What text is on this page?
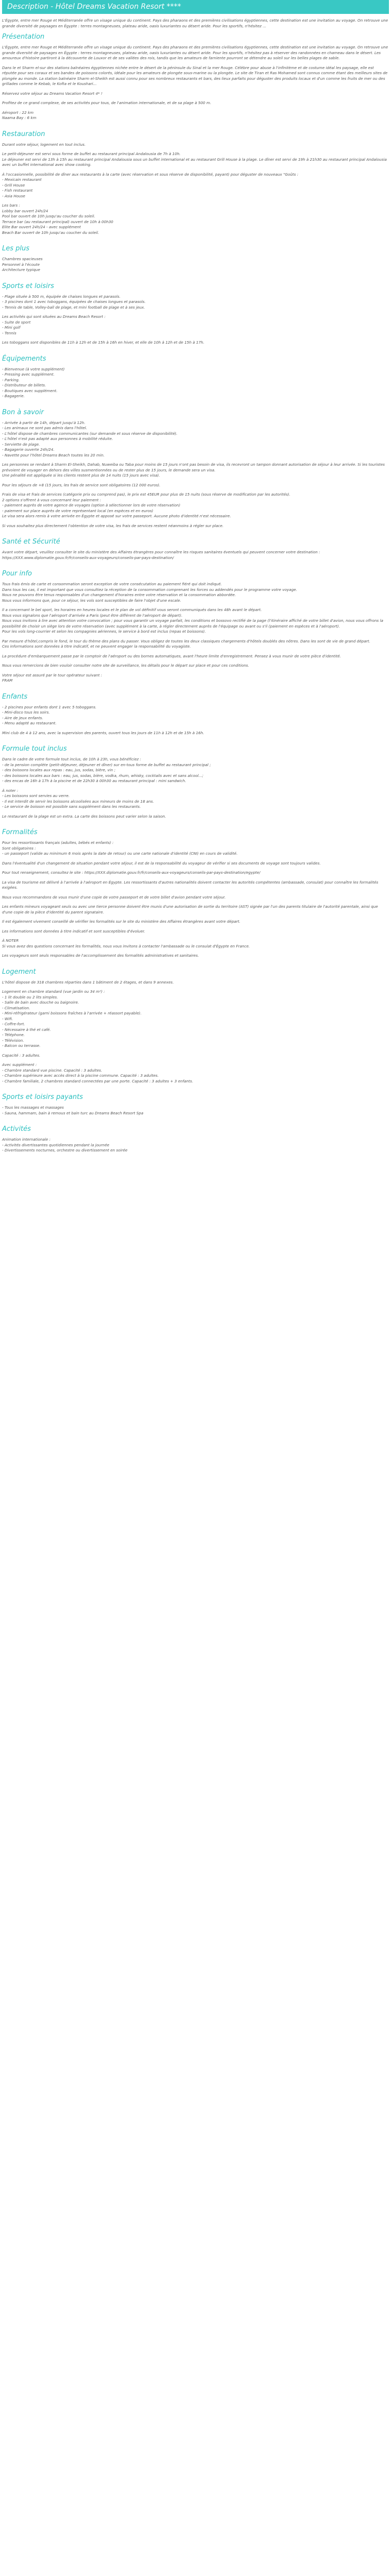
Description - Hôtel Dreams Vacation Resort ****

L'Égypte, entre mer Rouge et Méditerranée offre un visage unique du continent. Pays des pharaons et des premières civilisations égyptiennes, cette destination est une invitation au voyage. On retrouve une grande diversité de paysages en Égypte : terres montagneuses, plateau aride, oasis luxuriantes ou désert aride. Pour les sportifs, n'hésitez ...

Présentation

L'Égypte, entre mer Rouge et Méditerranée offre un visage unique du continent. Pays des pharaons et des premières civilisations égyptiennes, cette destination est une invitation au voyage. On retrouve une grande diversité de paysages en Égypte : terres montagneuses, plateau aride, oasis luxuriantes ou désert aride. Pour les sportifs, n'hésitez pas à réserver des randonnées en chameau dans le désert. Les amoureux d'histoire partiront à la découverte de Louxor et de ses vallées des rois, tandis que les amateurs de farniente pourront se détendre au soleil sur les belles plages de sable.

Dans le et Sharm el-sur des stations balnéaires égyptiennes nichée entre le désert de la péninsule du Sinaï et la mer Rouge. Célèbre pour abuse à l'infinitème et de costume idéal les paysage, elle est réputée pour ses coraux et ses bandes de poissons colorés, idéale pour les amateurs de plongée sous-marine ou la plongée. Le site de Tiran et Ras Mohamed sont connus comme étant des meilleurs sites de plongée au monde. La station balnéaire Sharm el-Sheikh est aussi connu pour ses nombreux restaurants et bars, des lieux parfaits pour déguster des produits locaux et d'un comme les fruits de mer ou des grillades comme le Kebab, le Kofta et le Koushari...

Réservez votre séjour au Dreams Vacation Resort 4* !

Profitez de ce grand complexe, de ses activités pour tous, de l'animation internationale, et de sa plage à 500 m.

Aéroport : 22 km
Naama Bay : 6 km

Restauration

Durant votre séjour, logement en tout inclus.

Le petit-déjeuner est servi sous forme de buffet au restaurant principal Andalousia de 7h à 10h.
Le déjeuner est servi de 13h à 15h au restaurant principal Andalousia sous un buffet international et au restaurant Grill House à la plage. Le dîner est servi de 19h à 21h30 au restaurant principal Andalousia avec un buffet international avec show cooking.

À l'occasionnelle, possibilité de dîner aux restaurants à la carte (avec réservation et sous réserve de disponibilité, payant) pour déguster de nouveaux "Goûts :
- Mexicain restaurant
- Grill House
- Fish restaurant
- Asia House

Les bars :
Lobby bar ouvert 24h/24
Pool bar ouvert de 10h jusqu'au coucher du soleil.
Terrace bar (au restaurant principal) ouvert de 10h à 00h30
Elite Bar ouvert 24h/24 - avec supplément
Beach Bar ouvert de 10h jusqu'au coucher du soleil.

Les plus
Chambres spacieuses
Personnel à l'écoute
Architecture typique
Sports et loisirs
- Plage située à 500 m, équipée de chaises longues et parasols.
- 3 piscines dont 1 avec toboggans, équipées de chaises longues et parasols.
- Tennis de table, Volley-ball de plage, et mini football de plage et à ses jeux.

Les activités qui sont situées au Dreams Beach Resort :
- Suite de sport
- Mini golf
- Tennis

Les toboggans sont disponibles de 11h à 12h et de 15h à 16h en hiver, et elle de 10h à 12h et de 15h à 17h.

Équipements
- Bienvenue (à votre supplément)
- Pressing avec supplément.
- Parking.
- Distributeur de billets.
- Boutiques avec supplément.
- Bagagerie.
Bon à savoir
- Arrivée à partir de 14h, départ jusqu'à 12h.
- Les animaux ne sont pas admis dans l'hôtel.
- L'hôtel dispose de chambres communicantes (sur demande et sous réserve de disponibilité).
- L'hôtel n'est pas adapté aux personnes à mobilité réduite.
- Serviette de plage.
- Bagagerie ouverte 24h/24.
- Navette pour l'hôtel Dreams Beach toutes les 20 min.

Les personnes se rendant à Sharm El-Sheikh, Dahab, Nuweiba ou Taba pour moins de 15 jours n'ont pas besoin de visa, ils recevront un tampon donnant autorisation de séjour à leur arrivée. Si les touristes prévoient de voyager en dehors des villes susmentionnées ou de rester plus de 15 jours, le demande sera un visa.
Une pénalité est appliquée si les clients restent plus de 14 nuits (15 jours avec visa).

Pour les séjours de +8 (15 jours, les frais de service sont obligatoires (12 000 euros).

Frais de visa et frais de services (catégorie prix ou comprend pas), le prix est 45EUR pour plus de 15 nuits (sous réserve de modification par les autorités).
2 options s'offrent à vous concernant leur paiement :
- paiement auprès de votre agence de voyages (option à sélectionner lors de votre réservation)
- paiement sur place auprès de votre représentant local (en espèces et en euros)
Le visa sera alors remis à votre arrivée en Égypte et apposé sur votre passeport. Aucune photo d'identité n'est nécessaire.

Si vous souhaitez plus directement l'obtention de votre visa, les frais de services restent néanmoins à régler sur place.

Santé et Sécurité

Avant votre départ, veuillez consulter le site du ministère des Affaires étrangères pour connaître les risques sanitaires éventuels qui peuvent concerner votre destination : https://XXX.www.diplomatie.gouv.fr/fr/conseils-aux-voyageurs/conseils-par-pays-destination/

Pour info

Tous frais émis de carte et consommation seront exception de votre consécutation au paiement fiéré qui doit indiqué.
Dans tous les cas, il est important que vous consultiez la réception de la consommation comprenant les forces ou addendés pour le programme votre voyage.
Nous ne pouvons être tenus responsables d'un changement d'horaires entre votre réservation et la consommation abbordée.
Nous vous informons que, pour ce séjour, les vols sont susceptibles de faire l'objet d'une escale.

Il a concernant le bel sport, les horaires en heures locales et le plan de vol définitif vous seront communiqués dans les 48h avant le départ.
Nous vous signalons que l'aéroport d'arrivée a Paris (peut être différent de l'aéroport de départ).
Nous vous invitons à lire avec attention votre convocation ; pour vous garantir un voyage parfait, les conditions et bossovo rectifié de la page (l'itinéraire affiché de votre billet d'avion, nous vous offrons la possibilité de choisir un siège lors de votre réservation (avec supplément à la carte, à régler directement auprès de l'équipage ou avant ou s'il (paiement en espèces et à l'aéroport).
Pour les vols long-courrier et selon les compagnies aériennes, le service à bord est inclus (repas et boissons).

Par mesure d'hôtel,compris le fond, le tour du thème des plans du passer. Vous obligez de toutes les deux classiques chargements d'hôtels doublés des nôtres. Dans les sont de vie de grand départ.
Ces informations sont données à titre indicatif, et ne peuvent engager la responsabilité du voyagiste.

La procédure d'embarquement passe par le comptoir de l'aéroport ou des bornes automatiques, avant l'heure limite d'enregistrement. Pensez à vous munir de votre pièce d'identité.

Nous vous remercions de bien vouloir consulter notre site de surveillance, les détails pour le départ sur place et pour ces conditions.

Votre séjour est assuré par le tour opérateur suivant :
FRAM

Enfants

- 2 piscines pour enfants dont 1 avec 5 toboggans.
- Mini-disco tous les soirs.
- Aire de jeux enfants.
- Menu adapté au restaurant.

Mini club de 4 à 12 ans, avec la supervision des parents, ouvert tous les jours de 11h à 12h et de 15h à 16h.

Formule tout inclus

Dans le cadre de votre formule tout inclus, de 10h à 23h, vous bénéficiez :
- de la pension complète (petit-déjeuner, déjeuner et dîner) sur en-tous forme de buffet au restaurant principal ;
- des boissons locales aux repas : eau, jus, sodas, bière, vin ;
- des boissons locales aux bars : eau, jus, sodas, bière, vodka, rhum, whisky, cocktails avec et sans alcool...;
- des encas de 16h à 17h à la piscine et de 22h30 à 00h30 au restaurant principal : mini sandwich.

À noter :
- Les boissons sont servies au verre.
- Il est interdit de servir les boissons alcoolisées aux mineurs de moins de 18 ans.
- Le service de boisson est possible sans supplément dans les restaurants.

Le restaurant de la plage est un extra. La carte des boissons peut varier selon la saison.

Formalités

Pour les ressortissants français (adultes, bébés et enfants) :
Sont obligatoires :
- un passeport (valide au minimum 6 mois après la date de retour) ou une carte nationale d'identité (CNI) en cours de validité.

Dans l'éventualité d'un changement de situation pendant votre séjour, il est de la responsabilité du voyageur de vérifier si ses documents de voyage sont toujours valides.

Pour tout renseignement, consultez le site : https://XXX.diplomatie.gouv.fr/fr/conseils-aux-voyageurs/conseils-par-pays-destination/egypte/

La visa de tourisme est délivré à l'arrivée à l'aéroport en Égypte. Les ressortissants d'autres nationalités doivent contacter les autorités compétentes (ambassade, consulat) pour connaître les formalités exigées.

Nous vous recommandons de vous munir d'une copie de votre passeport et de votre billet d'avion pendant votre séjour.

Les enfants mineurs voyageant seuls ou avec une tierce personne doivent être munis d'une autorisation de sortie du territoire (AST) signée par l'un des parents titulaire de l'autorité parentale, ainsi que d'une copie de la pièce d'identité du parent signataire.

Il est également vivement conseillé de vérifier les formalités sur le site du ministère des Affaires étrangères avant votre départ.

Les informations sont données à titre indicatif et sont susceptibles d'évoluer.

À NOTER
Si vous avez des questions concernant les formalités, nous vous invitons à contacter l'ambassade ou le consulat d'Égypte en France.

Les voyageurs sont seuls responsables de l'accomplissement des formalités administratives et sanitaires.

Logement

L'hôtel dispose de 318 chambres réparties dans 1 bâtiment de 2 étages, et dans 9 annexes.

Logement en chambre standard (vue jardin ou 34 m²) :
- 1 lit double ou 2 lits simples.
- Salle de bain avec douche ou baignoire.
- Climatisation.
- Mini-réfrigérateur (garni boissons fraîches à l'arrivée + réassort payable).
- Wifi.
- Coffre-fort.
- Nécessaire à thé et café.
- Téléphone.
- Télévision.
- Balcon ou terrasse.

Capacité : 3 adultes.

Avec supplément :
- Chambre standard vue piscine. Capacité : 3 adultes.
- Chambre supérieure avec accès direct à la piscine commune. Capacité : 3 adultes.
- Chambre familiale, 2 chambres standard connectées par une porte. Capacité : 3 adultes + 3 enfants.

Sports et loisirs payants
- Tous les massages et massages
- Sauna, hammam, bain à remous et bain turc au Dreams Beach Resort Spa
Activités

Animation internationale :
- Activités divertissantes quotidiennes pendant la journée
- Divertissements nocturnes, orchestre ou divertissement en soirée
